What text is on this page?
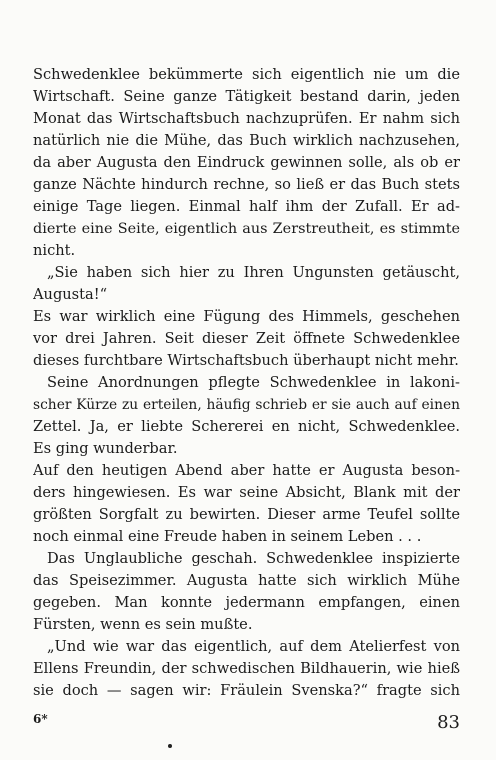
Schwedenklee bekümmerte sich eigentlich nie um die
Wirtschaft. Seine ganze Tätigkeit bestand darin, jeden
Monat das Wirtschaftsbuch nachzuprüfen. Er nahm sich
natürlich nie die Mühe, das Buch wirklich nachzusehen,
da aber Augusta den Eindruck gewinnen solle, als ob er
ganze Nächte hindurch rechne, so ließ er das Buch stets
einige Tage liegen. Einmal half ihm der Zufall. Er ad-
dierte eine Seite, eigentlich aus Zerstreutheit, es stimmte
nicht.
„Sie haben sich hier zu Ihren Ungunsten getäuscht,
Augusta!“
Es war wirklich eine Fügung des Himmels, geschehen
vor drei Jahren. Seit dieser Zeit öffnete Schwedenklee
dieses furchtbare Wirtschaftsbuch überhaupt nicht mehr.
Seine Anordnungen pflegte Schwedenklee in lakoni-
scher Kürze zu erteilen, häufig schrieb er sie auch auf einen
Zettel. Ja, er liebte Schererei en nicht, Schwedenklee.
Es ging wunderbar.
Auf den heutigen Abend aber hatte er Augusta beson-
ders hingewiesen. Es war seine Absicht, Blank mit der
größten Sorgfalt zu bewirten. Dieser arme Teufel sollte
noch einmal eine Freude haben in seinem Leben . . .
Das Unglaubliche geschah. Schwedenklee inspizierte
das Speisezimmer. Augusta hatte sich wirklich Mühe
gegeben. Man konnte jedermann empfangen, einen
Fürsten, wenn es sein mußte.
„Und wie war das eigentlich, auf dem Atelierfest von
Ellens Freundin, der schwedischen Bildhauerin, wie hieß
sie doch — sagen wir: Fräulein Svenska?“ fragte sich
6*	83
